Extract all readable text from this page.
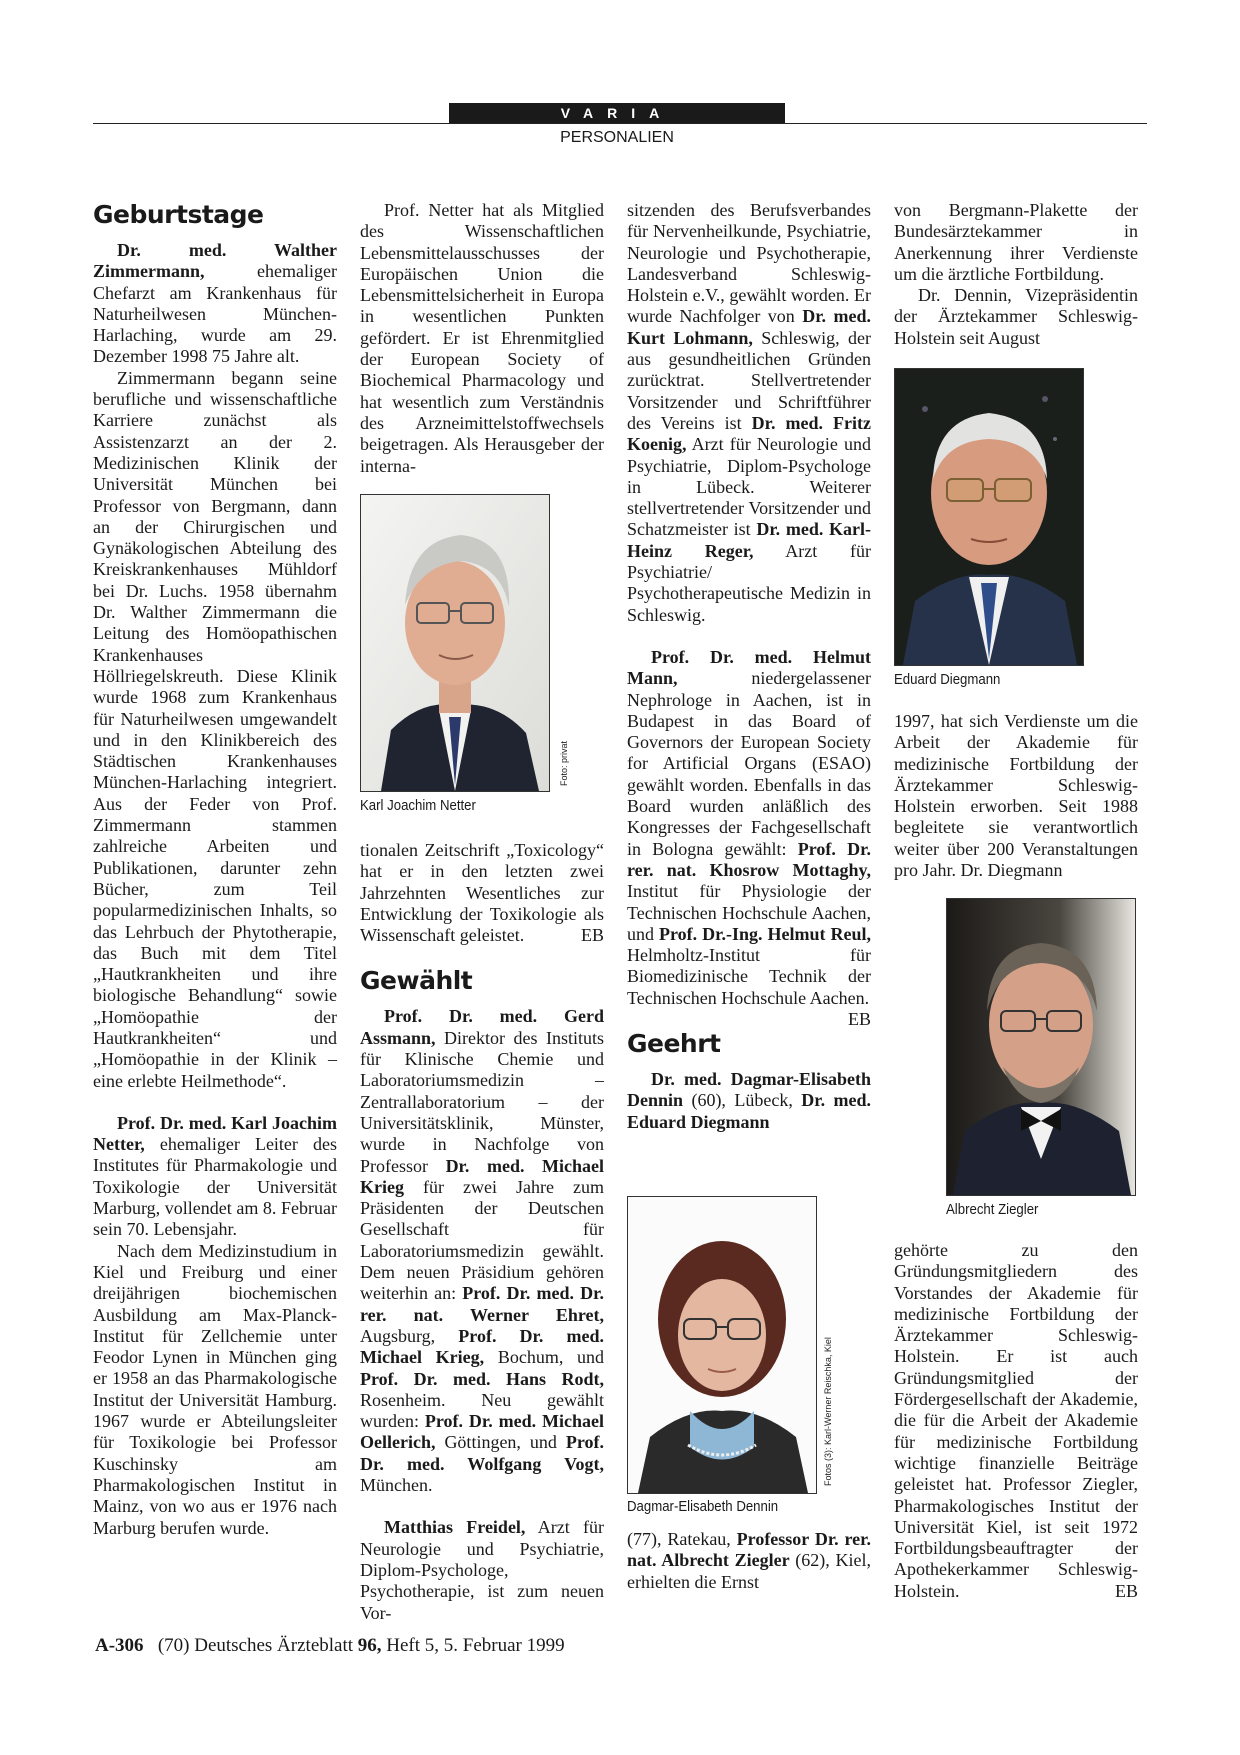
VARIA
PERSONALIEN
Geburtstage

Dr. med. Walther Zimmermann, ehemaliger Chefarzt am Krankenhaus für Naturheilwesen München-Harlaching, wurde am 29. Dezember 1998 75 Jahre alt.

Zimmermann begann seine berufliche und wissenschaftliche Karriere zunächst als Assistenzarzt an der 2. Medizinischen Klinik der Universität München bei Professor von Bergmann, dann an der Chirurgischen und Gynäkologischen Abteilung des Kreiskrankenhauses Mühldorf bei Dr. Luchs. 1958 übernahm Dr. Walther Zimmermann die Leitung des Homöopathischen Krankenhauses Höllriegelskreuth. Diese Klinik wurde 1968 zum Krankenhaus für Naturheilwesen umgewandelt und in den Klinikbereich des Städtischen Krankenhauses München-Harlaching integriert. Aus der Feder von Prof. Zimmermann stammen zahlreiche Arbeiten und Publikationen, darunter zehn Bücher, zum Teil popularmedizinischen Inhalts, so das Lehrbuch der Phytotherapie, das Buch mit dem Titel „Hautkrankheiten und ihre biologische Behandlung“ sowie „Homöopathie der Hautkrankheiten“ und „Homöopathie in der Klinik – eine erlebte Heilmethode“.

Prof. Dr. med. Karl Joachim Netter, ehemaliger Leiter des Institutes für Pharmakologie und Toxikologie der Universität Marburg, vollendet am 8. Februar sein 70. Lebensjahr.

Nach dem Medizinstudium in Kiel und Freiburg und einer dreijährigen biochemischen Ausbildung am Max-Planck-Institut für Zellchemie unter Feodor Lynen in München ging er 1958 an das Pharmakologische Institut der Universität Hamburg. 1967 wurde er Abteilungsleiter für Toxikologie bei Professor Kuschinsky am Pharmakologischen Institut in Mainz, von wo aus er 1976 nach Marburg berufen wurde.

Prof. Netter hat als Mitglied des Wissenschaftlichen Lebensmittelausschusses der Europäischen Union die Lebensmittelsicherheit in Europa in wesentlichen Punkten gefördert. Er ist Ehrenmitglied der European Society of Biochemical Pharmacology und hat wesentlich zum Verständnis des Arzneimittelstoffwechsels beigetragen. Als Herausgeber der interna-

Foto: privat
Karl Joachim Netter

tionalen Zeitschrift „Toxicology“ hat er in den letzten zwei Jahrzehnten Wesentliches zur Entwicklung der Toxikologie als Wissenschaft geleistet.	EB

Gewählt

Prof. Dr. med. Gerd Assmann, Direktor des Instituts für Klinische Chemie und Laboratoriumsmedizin – Zentrallaboratorium – der Universitätsklinik, Münster, wurde in Nachfolge von Professor Dr. med. Michael Krieg für zwei Jahre zum Präsidenten der Deutschen Gesellschaft für Laboratoriumsmedizin gewählt. Dem neuen Präsidium gehören weiterhin an: Prof. Dr. med. Dr. rer. nat. Werner Ehret, Augsburg, Prof. Dr. med. Michael Krieg, Bochum, und Prof. Dr. med. Hans Rodt, Rosenheim. Neu gewählt wurden: Prof. Dr. med. Michael Oellerich, Göttingen, und Prof. Dr. med. Wolfgang Vogt, München.

Matthias Freidel, Arzt für Neurologie und Psychiatrie, Diplom-Psychologe, Psychotherapie, ist zum neuen Vor-

sitzenden des Berufsverbandes für Nervenheilkunde, Psychiatrie, Neurologie und Psychotherapie, Landesverband Schleswig-Holstein e.V., gewählt worden. Er wurde Nachfolger von Dr. med. Kurt Lohmann, Schleswig, der aus gesundheitlichen Gründen zurücktrat. Stellvertretender Vorsitzender und Schriftführer des Vereins ist Dr. med. Fritz Koenig, Arzt für Neurologie und Psychiatrie, Diplom-Psychologe in Lübeck. Weiterer stellvertretender Vorsitzender und Schatzmeister ist Dr. med. Karl-Heinz Reger, Arzt für Psychiatrie/ Psychotherapeutische Medizin in Schleswig.

Prof. Dr. med. Helmut Mann, niedergelassener Nephrologe in Aachen, ist in Budapest in das Board of Governors der European Society for Artificial Organs (ESAO) gewählt worden. Ebenfalls in das Board wurden anläßlich des Kongresses der Fachgesellschaft in Bologna gewählt: Prof. Dr. rer. nat. Khosrow Mottaghy, Institut für Physiologie der Technischen Hochschule Aachen, und Prof. Dr.-Ing. Helmut Reul, Helmholtz-Institut für Biomedizinische Technik der Technischen Hochschule Aachen.
EB

Geehrt

Dr. med. Dagmar-Elisabeth Dennin (60), Lübeck, Dr. med. Eduard Diegmann

Fotos (3): Karl-Werner Reischka, Kiel
Dagmar-Elisabeth Dennin

(77), Ratekau, Professor Dr. rer. nat. Albrecht Ziegler (62), Kiel, erhielten die Ernst

von Bergmann-Plakette der Bundesärztekammer in Anerkennung ihrer Verdienste um die ärztliche Fortbildung.

Dr. Dennin, Vizepräsidentin der Ärztekammer Schleswig-Holstein seit August

Eduard Diegmann

1997, hat sich Verdienste um die Arbeit der Akademie für medizinische Fortbildung der Ärztekammer Schleswig-Holstein erworben. Seit 1988 begleitete sie verantwortlich weiter über 200 Veranstaltungen pro Jahr. Dr. Diegmann

Albrecht Ziegler

gehörte zu den Gründungsmitgliedern des Vorstandes der Akademie für medizinische Fortbildung der Ärztekammer Schleswig-Holstein. Er ist auch Gründungsmitglied der Fördergesellschaft der Akademie, die für die Arbeit der Akademie für medizinische Fortbildung wichtige finanzielle Beiträge geleistet hat. Professor Ziegler, Pharmakologisches Institut der Universität Kiel, ist seit 1972 Fortbildungsbeauftragter der Apothekerkammer Schleswig-Holstein.	EB

A-306 (70) Deutsches Ärzteblatt 96, Heft 5, 5. Februar 1999
